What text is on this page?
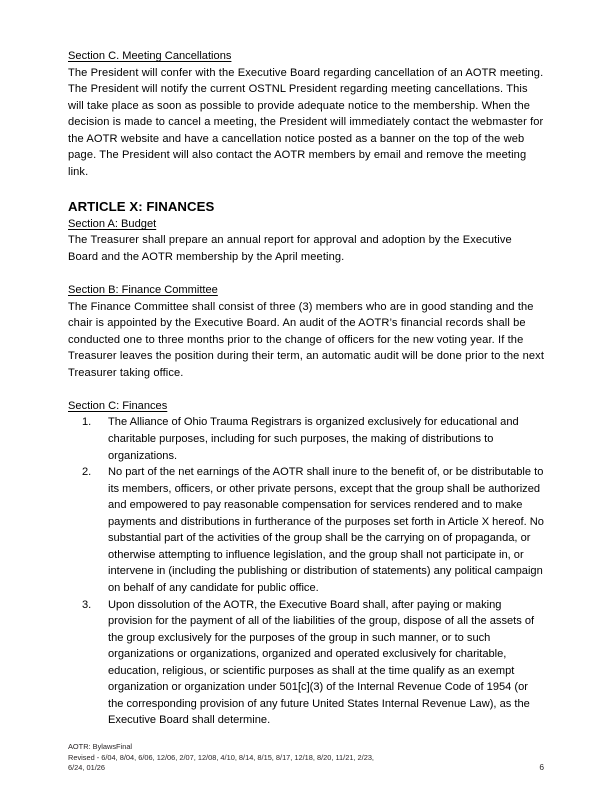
Section C. Meeting Cancellations

The President will confer with the Executive Board regarding cancellation of an AOTR meeting. The President will notify the current OSTNL President regarding meeting cancellations. This will take place as soon as possible to provide adequate notice to the membership. When the decision is made to cancel a meeting, the President will immediately contact the webmaster for the AOTR website and have a cancellation notice posted as a banner on the top of the web page. The President will also contact the AOTR members by email and remove the meeting link.

ARTICLE X: FINANCES

Section A: Budget

The Treasurer shall prepare an annual report for approval and adoption by the Executive Board and the AOTR membership by the April meeting.

Section B: Finance Committee

The Finance Committee shall consist of three (3) members who are in good standing and the chair is appointed by the Executive Board. An audit of the AOTR’s financial records shall be conducted one to three months prior to the change of officers for the new voting year. If the Treasurer leaves the position during their term, an automatic audit will be done prior to the next Treasurer taking office.

Section C: Finances
1.	The Alliance of Ohio Trauma Registrars is organized exclusively for educational and charitable purposes, including for such purposes, the making of distributions to organizations.
2.	No part of the net earnings of the AOTR shall inure to the benefit of, or be distributable to its members, officers, or other private persons, except that the group shall be authorized and empowered to pay reasonable compensation for services rendered and to make payments and distributions in furtherance of the purposes set forth in Article X hereof. No substantial part of the activities of the group shall be the carrying on of propaganda, or otherwise attempting to influence legislation, and the group shall not participate in, or intervene in (including the publishing or distribution of statements) any political campaign on behalf of any candidate for public office.
3.	Upon dissolution of the AOTR, the Executive Board shall, after paying or making provision for the payment of all of the liabilities of the group, dispose of all the assets of the group exclusively for the purposes of the group in such manner, or to such organizations or organizations, organized and operated exclusively for charitable, education, religious, or scientific purposes as shall at the time qualify as an exempt organization or organization under 501[c](3) of the Internal Revenue Code of 1954 (or the corresponding provision of any future United States Internal Revenue Law), as the Executive Board shall determine.

AOTR: BylawsFinal

Revised - 6/04, 8/04, 6/06, 12/06, 2/07, 12/08, 4/10, 8/14, 8/15, 8/17, 12/18, 8/20, 11/21, 2/23,

6/24, 01/26	6
